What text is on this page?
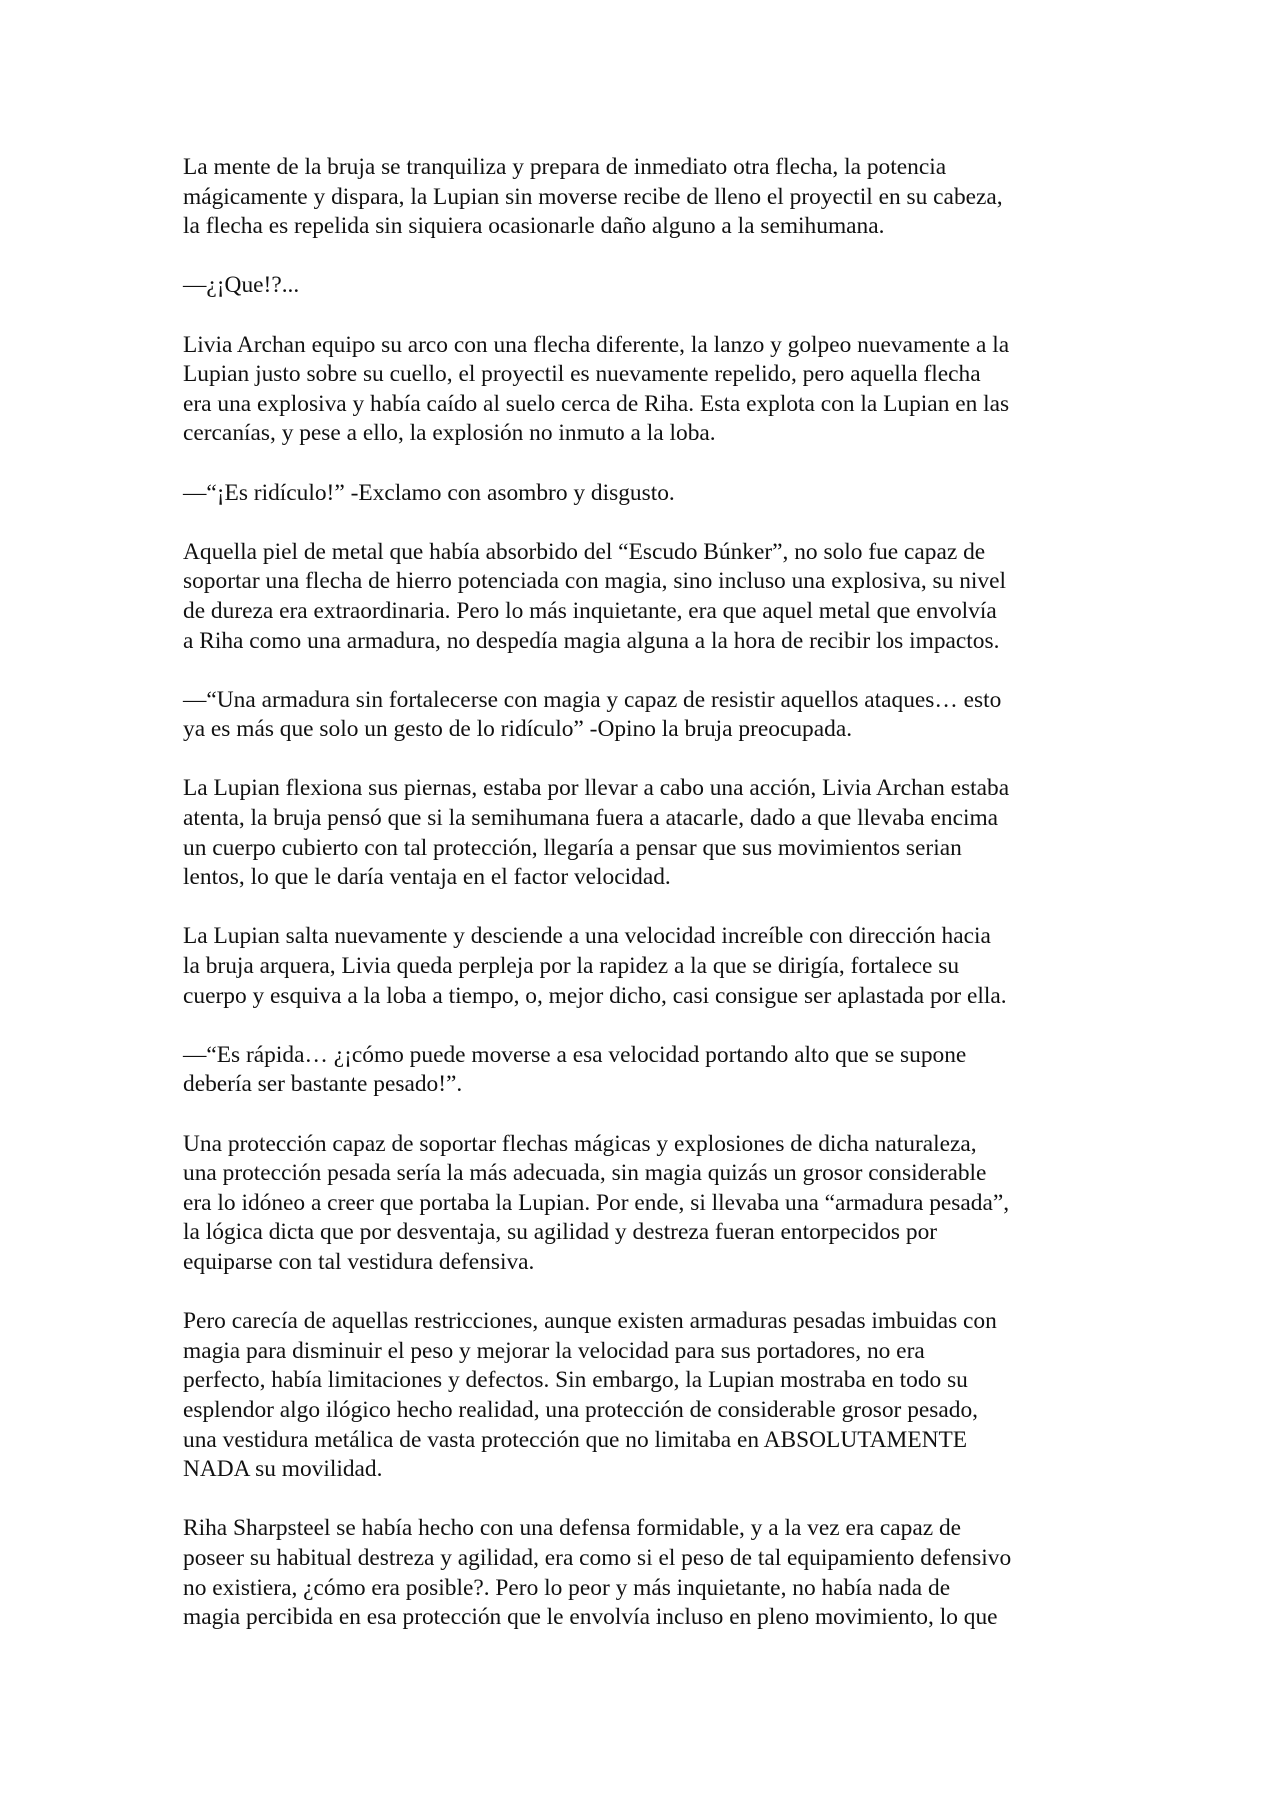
La mente de la bruja se tranquiliza y prepara de inmediato otra flecha, la potencia
mágicamente y dispara, la Lupian sin moverse recibe de lleno el proyectil en su cabeza,
la flecha es repelida sin siquiera ocasionarle daño alguno a la semihumana.

—¿¡Que!?...

Livia Archan equipo su arco con una flecha diferente, la lanzo y golpeo nuevamente a la
Lupian justo sobre su cuello, el proyectil es nuevamente repelido, pero aquella flecha
era una explosiva y había caído al suelo cerca de Riha. Esta explota con la Lupian en las
cercanías, y pese a ello, la explosión no inmuto a la loba.

—“¡Es ridículo!” -Exclamo con asombro y disgusto.

Aquella piel de metal que había absorbido del “Escudo Búnker”, no solo fue capaz de
soportar una flecha de hierro potenciada con magia, sino incluso una explosiva, su nivel
de dureza era extraordinaria. Pero lo más inquietante, era que aquel metal que envolvía
a Riha como una armadura, no despedía magia alguna a la hora de recibir los impactos.

—“Una armadura sin fortalecerse con magia y capaz de resistir aquellos ataques… esto
ya es más que solo un gesto de lo ridículo” -Opino la bruja preocupada.

La Lupian flexiona sus piernas, estaba por llevar a cabo una acción, Livia Archan estaba
atenta, la bruja pensó que si la semihumana fuera a atacarle, dado a que llevaba encima
un cuerpo cubierto con tal protección, llegaría a pensar que sus movimientos serian
lentos, lo que le daría ventaja en el factor velocidad.

La Lupian salta nuevamente y desciende a una velocidad increíble con dirección hacia
la bruja arquera, Livia queda perpleja por la rapidez a la que se dirigía, fortalece su
cuerpo y esquiva a la loba a tiempo, o, mejor dicho, casi consigue ser aplastada por ella.

—“Es rápida… ¿¡cómo puede moverse a esa velocidad portando alto que se supone
debería ser bastante pesado!”.

Una protección capaz de soportar flechas mágicas y explosiones de dicha naturaleza,
una protección pesada sería la más adecuada, sin magia quizás un grosor considerable
era lo idóneo a creer que portaba la Lupian. Por ende, si llevaba una “armadura pesada”,
la lógica dicta que por desventaja, su agilidad y destreza fueran entorpecidos por
equiparse con tal vestidura defensiva.

Pero carecía de aquellas restricciones, aunque existen armaduras pesadas imbuidas con
magia para disminuir el peso y mejorar la velocidad para sus portadores, no era
perfecto, había limitaciones y defectos. Sin embargo, la Lupian mostraba en todo su
esplendor algo ilógico hecho realidad, una protección de considerable grosor pesado,
una vestidura metálica de vasta protección que no limitaba en ABSOLUTAMENTE
NADA su movilidad.

Riha Sharpsteel se había hecho con una defensa formidable, y a la vez era capaz de
poseer su habitual destreza y agilidad, era como si el peso de tal equipamiento defensivo
no existiera, ¿cómo era posible?. Pero lo peor y más inquietante, no había nada de
magia percibida en esa protección que le envolvía incluso en pleno movimiento, lo que
